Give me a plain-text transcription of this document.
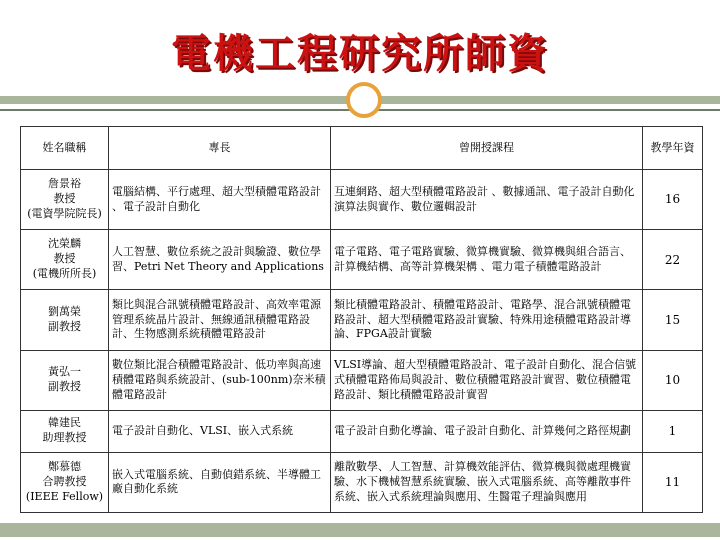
電機工程研究所師資
姓名職稱	專長	曾開授課程	教學年資
詹景裕
教授
(電資學院院長)	電腦結構、平行處理、超大型積體電路設計 、電子設計自動化	互連網路、超大型積體電路設計 、數據通訊、電子設計自動化演算法與實作、數位邏輯設計	16
沈榮麟
教授
(電機所所長)	人工智慧、數位系統之設計與驗證、數位學習、Petri Net Theory and Applications	電子電路、電子電路實驗、微算機實驗、微算機與組合語言、計算機結構、高等計算機架構 、電力電子積體電路設計	22
劉萬榮
副教授	類比與混合訊號積體電路設計、高效率電源管理系統晶片設計、無線通訊積體電路設計、生物感測系統積體電路設計	類比積體電路設計、積體電路設計、電路學、混合訊號積體電路設計、超大型積體電路設計實驗、特殊用途積體電路設計導論、FPGA設計實驗	15
黃弘一
副教授	數位類比混合積體電路設計、低功率與高速積體電路與系統設計、(sub-100nm)奈米積體電路設計	VLSI導論、超大型積體電路設計、電子設計自動化、混合信號式積體電路佈局與設計、數位積體電路設計實習、數位積體電路設計、類比積體電路設計實習	10
韓建民
助理教授	電子設計自動化、VLSI、嵌入式系統	電子設計自動化導論、電子設計自動化、計算幾何之路徑規劃	1
鄭慕德
合聘教授
(IEEE Fellow)	嵌入式電腦系統、自動偵錯系統、半導體工廠自動化系統	離散數學、人工智慧、計算機效能評估、微算機與微處理機實驗、水下機械智慧系統實驗、嵌入式電腦系統、高等離散事件系統、嵌入式系統理論與應用、生醫電子理論與應用	11
